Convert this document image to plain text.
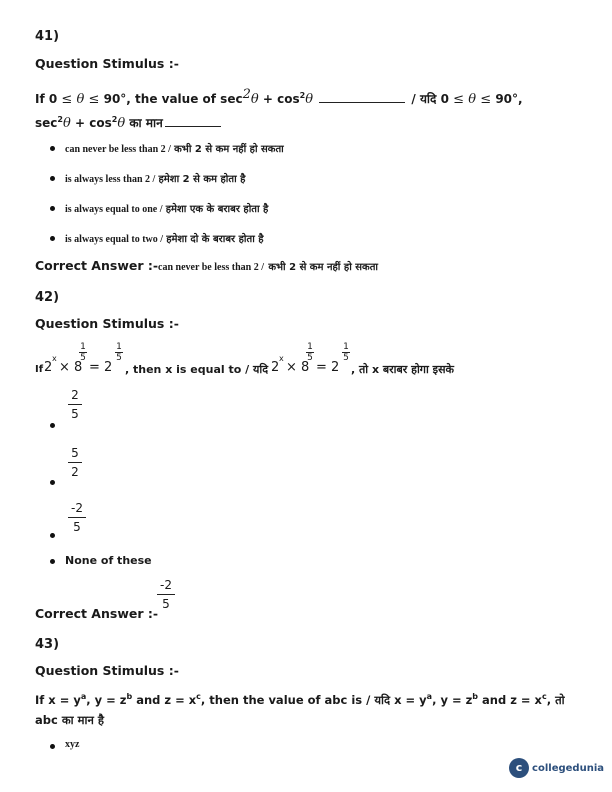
41)
Question Stimulus :-
If 0 ≤ θ ≤ 90°, the value of $\sec 2\theta + \cos^2\theta$	/ यदि 0 ≤ θ ≤ 90°,
$\sec^2\theta + \cos^2\theta$ का मान
can never be less than 2 / कभी 2 से कम नहीं हो सकता
is always less than 2 / हमेशा 2 से कम होता है
is always equal to one / हमेशा एक के बराबर होता है
is always equal to two / हमेशा दो के बराबर होता है
Correct Answer :-can never be less than 2 / कभी 2 से कम नहीं हो सकता
42)
Question Stimulus :-
If 2
x
× 8
1
5
= 2
1
5
, then x is equal to / यदि 2
x
× 8
1
5
= 2
1
5
, तो x बराबर होगा इसके
2
5
5
2
-2
5
None of these
-2
5
Correct Answer :-
43)
Question Stimulus :-
If $x = y^a$, $y = z^b$ and $z = x^c$, then the value of abc is / यदि $x = y^a$, $y = z^b$ and $z = x^c$, तो
abc का मान है
xyz
c collegedunia
